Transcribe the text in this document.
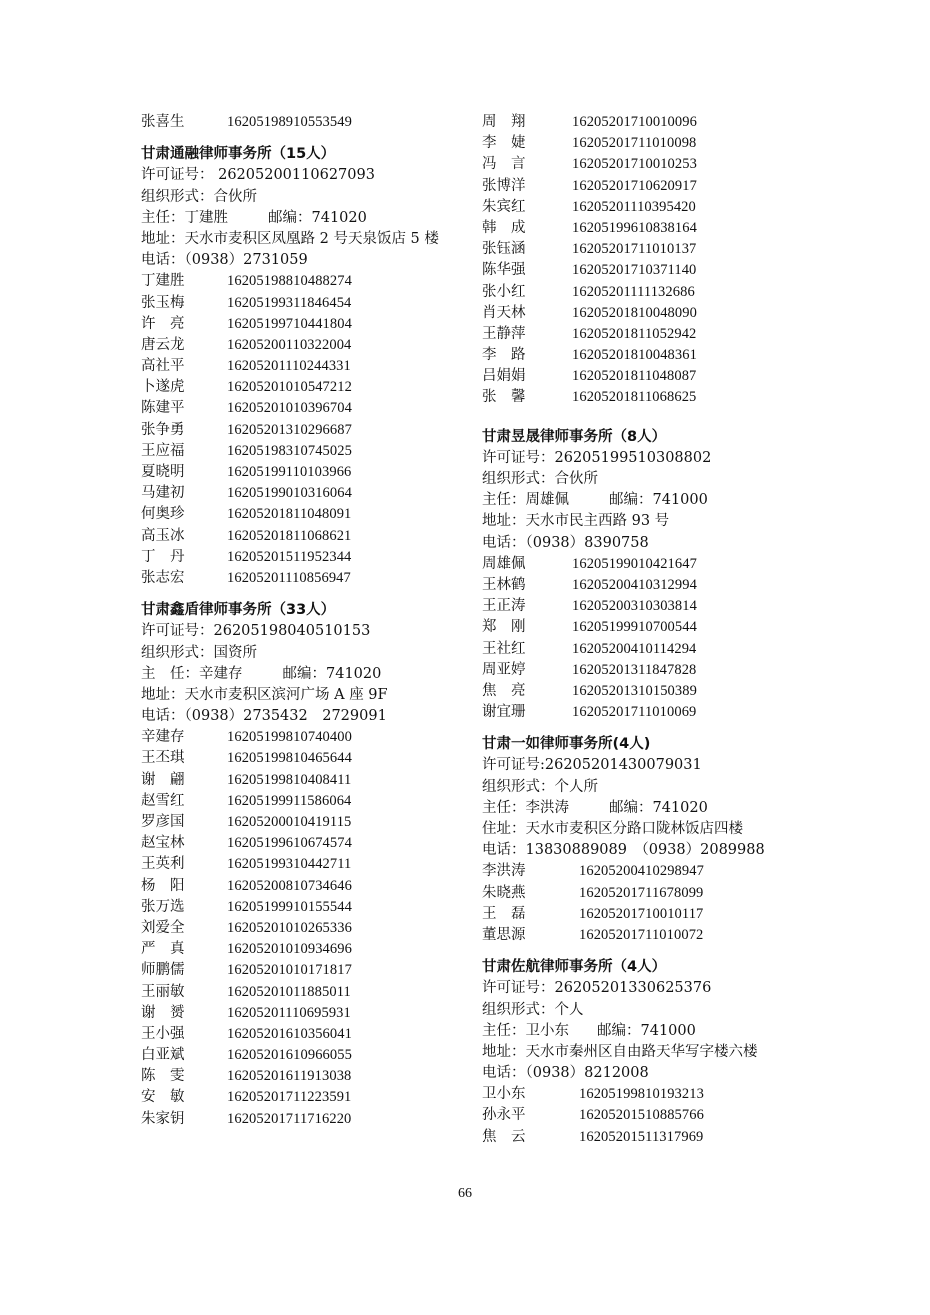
张喜生	16205198910553549
甘肃通融律师事务所（15人）
许可证号： 26205200110627093
组织形式：合伙所
主任：丁建胜	邮编：741020
地址：天水市麦积区凤凰路 2 号天泉饭店 5 楼
电话：（0938）2731059
丁建胜	16205198810488274
张玉梅	16205199311846454
许　亮	16205199710441804
唐云龙	16205200110322004
高社平	16205201110244331
卜遂虎	16205201010547212
陈建平	16205201010396704
张争勇	16205201310296687
王应福	16205198310745025
夏晓明	16205199110103966
马建初	16205199010316064
何奥珍	16205201811048091
高玉冰	16205201811068621
丁　丹	16205201511952344
张志宏	16205201110856947
甘肃鑫盾律师事务所（33人）
许可证号：26205198040510153
组织形式：国资所
主　任：辛建存	邮编：741020
地址：天水市麦积区滨河广场 A 座 9F
电话：（0938）2735432　2729091
辛建存	16205199810740400
王丕琪	16205199810465644
谢　翩	16205199810408411
赵雪红	16205199911586064
罗彦国	16205200010419115
赵宝林	16205199610674574
王英利	16205199310442711
杨　阳	16205200810734646
张万选	16205199910155544
刘爱全	16205201010265336
严　真	16205201010934696
师鹏儒	16205201010171817
王丽敏	16205201011885011
谢　赟	16205201110695931
王小强	16205201610356041
白亚斌	16205201610966055
陈　雯	16205201611913038
安　敏	16205201711223591
朱家钥	16205201711716220
周　翔	16205201710010096
李　婕	16205201711010098
冯　言	16205201710010253
张博洋	16205201710620917
朱宾红	16205201110395420
韩　成	16205199610838164
张钰涵	16205201711010137
陈华强	16205201710371140
张小红	16205201111132686
肖天林	16205201810048090
王静萍	16205201811052942
李　路	16205201810048361
吕娟娟	16205201811048087
张　馨	16205201811068625
甘肃昱晟律师事务所（8人）
许可证号：26205199510308802
组织形式：合伙所
主任：周雄佩	邮编：741000
地址：天水市民主西路 93 号
电话：（0938）8390758
周雄佩	16205199010421647
王林鹤	16205200410312994
王正涛	16205200310303814
郑　刚	16205199910700544
王社红	16205200410114294
周亚婷	16205201311847828
焦　亮	16205201310150389
谢宜珊	16205201711010069
甘肃一如律师事务所(4人)
许可证号:26205201430079031
组织形式：个人所
主任：李洪涛	邮编：741020
住址：天水市麦积区分路口陇林饭店四楼
电话：13830889089　（0938）2089988
李洪涛	16205200410298947
朱晓燕	16205201711678099
王　磊	16205201710010117
董思源	16205201711010072
甘肃佐航律师事务所（4人）
许可证号：26205201330625376
组织形式：个人
主任：卫小东 邮编：741000
地址：天水市秦州区自由路天华写字楼六楼
电话：（0938）8212008
卫小东	16205199810193213
孙永平	16205201510885766
焦　云	16205201511317969
66
